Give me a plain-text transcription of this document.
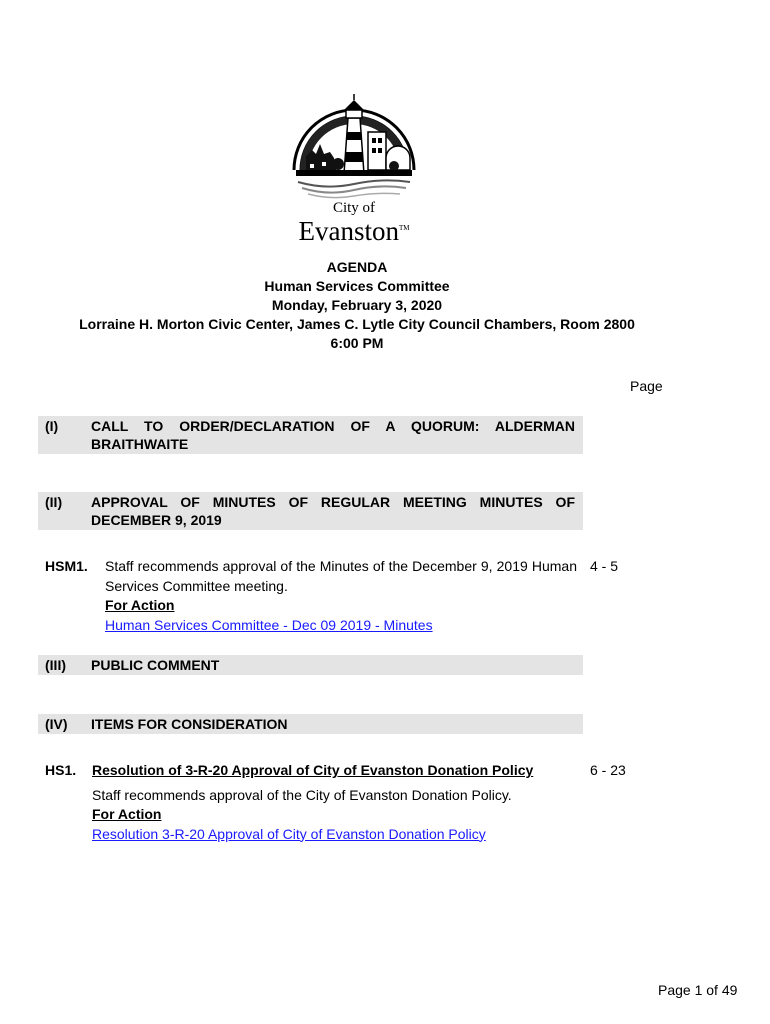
City of
Evanston™
AGENDA
Human Services Committee
Monday, February 3, 2020
Lorraine H. Morton Civic Center, James C. Lytle City Council Chambers, Room 2800
6:00 PM
Page
(I) CALL TO ORDER/DECLARATION OF A QUORUM: ALDERMAN BRAITHWAITE
(II) APPROVAL OF MINUTES OF REGULAR MEETING MINUTES OF DECEMBER 9, 2019
HSM1. Staff recommends approval of the Minutes of the December 9, 2019 Human Services Committee meeting.
For Action
Human Services Committee - Dec 09 2019 - Minutes
4 - 5
(III) PUBLIC COMMENT
(IV) ITEMS FOR CONSIDERATION
HS1. Resolution of 3-R-20 Approval of City of Evanston Donation Policy
Staff recommends approval of the City of Evanston Donation Policy.
For Action
Resolution 3-R-20 Approval of City of Evanston Donation Policy
6 - 23
Page 1 of 49
